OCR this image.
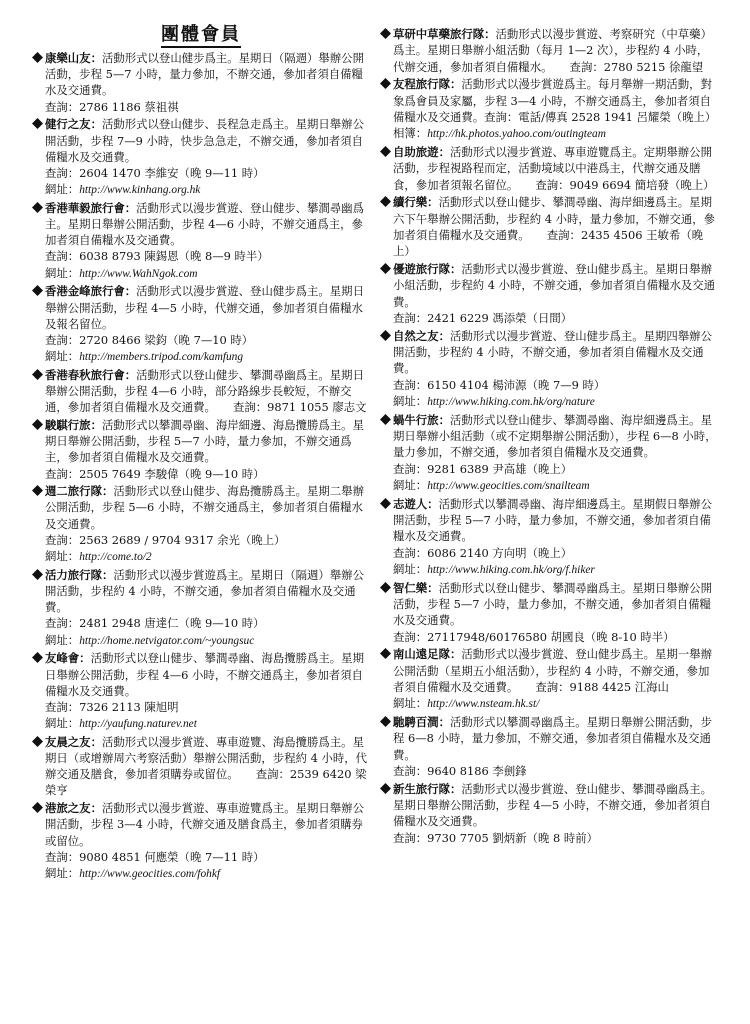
團體會員

康樂山友：活動形式以登山健步爲主。星期日（隔週）舉辦公開活動，步程 5—7 小時，量力參加，不辦交通，參加者須自備糧水及交通費。

查詢：2786 1186 蔡祖祺

健行之友：活動形式以登山健步、長程急走爲主。星期日舉辦公開活動，步程 7—9 小時，快步急急走，不辦交通，參加者須自備糧水及交通費。

查詢：2604 1470 李維安（晚 9—11 時）

網址：http://www.kinhang.org.hk

香港華毅旅行會：活動形式以漫步賞遊、登山健步、攀澗尋幽爲主。星期日舉辦公開活動，步程 4—6 小時，不辦交通爲主，參加者須自備糧水及交通費。

查詢：6038 8793 陳錫恩（晚 8—9 時半）

網址：http://www.WahNgok.com

香港金峰旅行會：活動形式以漫步賞遊、登山健步爲主。星期日舉辦公開活動，步程 4—5 小時，代辦交通，參加者須自備糧水及報名留位。

查詢：2720 8466 梁鈞（晚 7—10 時）

網址：http://members.tripod.com/kamfung

香港春秋旅行會：活動形式以登山健步、攀澗尋幽爲主。星期日舉辦公開活動，步程 4—6 小時，部分路線步長較短，不辦交通，參加者須自備糧水及交通費。　　查詢：9871 1055 廖志文

駿騏行旅：活動形式以攀澗尋幽、海岸細邊、海島攬勝爲主。星期日舉辦公開活動，步程 5—7 小時，量力參加，不辦交通爲主，參加者須自備糧水及交通費。

查詢：2505 7649 李駿偉（晚 9—10 時）

週二旅行隊：活動形式以登山健步、海島攬勝爲主。星期二舉辦公開活動，步程 5—6 小時，不辦交通爲主，參加者須自備糧水及交通費。

查詢：2563 2689 / 9704 9317 余光（晚上）

網址：http://come.to/2

活力旅行隊：活動形式以漫步賞遊爲主。星期日（隔週）舉辦公開活動，步程約 4 小時，不辦交通，參加者須自備糧水及交通費。

查詢：2481 2948 唐達仁（晚 9—10 時）

網址：http://home.netvigator.com/~youngsuc

友峰會：活動形式以登山健步、攀澗尋幽、海島攬勝爲主。星期日舉辦公開活動，步程 4—6 小時，不辦交通爲主，參加者須自備糧水及交通費。

查詢：7326 2113 陳旭明

網址：http://yaufung.naturev.net

友晨之友：活動形式以漫步賞遊、專車遊覽、海島攬勝爲主。星期日（或增辦周六考察活動）舉辦公開活動，步程約 4 小時，代辦交通及膳食，參加者須購券或留位。　　查詢：2539 6420 梁榮亨

港旅之友：活動形式以漫步賞遊、專車遊覽爲主。星期日舉辦公開活動，步程 3—4 小時，代辦交通及膳食爲主，參加者須購券或留位。

查詢：9080 4851 何應榮（晚 7—11 時）

網址：http://www.geocities.com/fohkf

草研中草藥旅行隊：活動形式以漫步賞遊、考察研究（中草藥）爲主。星期日舉辦小組活動（每月 1—2 次），步程約 4 小時，代辦交通，參加者須自備糧水。　　查詢：2780 5215 徐龍望

友程旅行隊：活動形式以漫步賞遊爲主。每月舉辦一期活動，對象爲會員及家屬，步程 3—4 小時，不辦交通爲主，參加者須自備糧水及交通費。查詢：電話/傳真 2528 1941 呂耀榮（晚上）

相簿：http://hk.photos.yahoo.com/outingteam

自助旅遊：活動形式以漫步賞遊、專車遊覽爲主。定期舉辦公開活動，步程視路程而定，活動境域以中港爲主，代辦交通及膳食，參加者須報名留位。　　查詢：9049 6694 簡培發（晚上）

續行樂：活動形式以登山健步、攀澗尋幽、海岸細邊爲主。星期六下午舉辦公開活動，步程約 4 小時，量力參加，不辦交通，參加者須自備糧水及交通費。　　查詢：2435 4506 王敏希（晚上）

優遊旅行隊：活動形式以漫步賞遊、登山健步爲主。星期日舉辦小組活動，步程約 4 小時，不辦交通，參加者須自備糧水及交通費。

查詢：2421 6229 馮添榮（日間）

自然之友：活動形式以漫步賞遊、登山健步爲主。星期四舉辦公開活動，步程約 4 小時，不辦交通，參加者須自備糧水及交通費。

查詢：6150 4104 楊沛源（晚 7—9 時）

網址：http://www.hiking.com.hk/org/nature

蝸牛行旅：活動形式以登山健步、攀澗尋幽、海岸細邊爲主。星期日舉辦小組活動（或不定期舉辦公開活動），步程 6—8 小時，量力參加，不辦交通，參加者須自備糧水及交通費。

查詢：9281 6389 尹高雄（晚上）

網址：http://www.geocities.com/snailteam

志遊人：活動形式以攀澗尋幽、海岸細邊爲主。星期假日舉辦公開活動，步程 5—7 小時，量力參加，不辦交通，參加者須自備糧水及交通費。

查詢：6086 2140 方向明（晚上）

網址：http://www.hiking.com.hk/org/f.hiker

智仁樂：活動形式以登山健步、攀澗尋幽爲主。星期日舉辦公開活動，步程 5—7 小時，量力參加，不辦交通，參加者須自備糧水及交通費。

查詢：27117948/60176580 胡國良（晚 8-10 時半）

南山遠足隊：活動形式以漫步賞遊、登山健步爲主。星期一舉辦公開活動（星期五小組活動），步程約 4 小時，不辦交通，參加者須自備糧水及交通費。　　查詢：9188 4425 江海山

網址：http://www.nsteam.hk.st/

馳騁百澗：活動形式以攀澗尋幽爲主。星期日舉辦公開活動，步程 6—8 小時，量力參加，不辦交通，參加者須自備糧水及交通費。

查詢：9640 8186 李劍鋒

新生旅行隊：活動形式以漫步賞遊、登山健步、攀澗尋幽爲主。星期日舉辦公開活動，步程 4—5 小時，不辦交通，參加者須自備糧水及交通費。

查詢：9730 7705 劉炳新（晚 8 時前）
